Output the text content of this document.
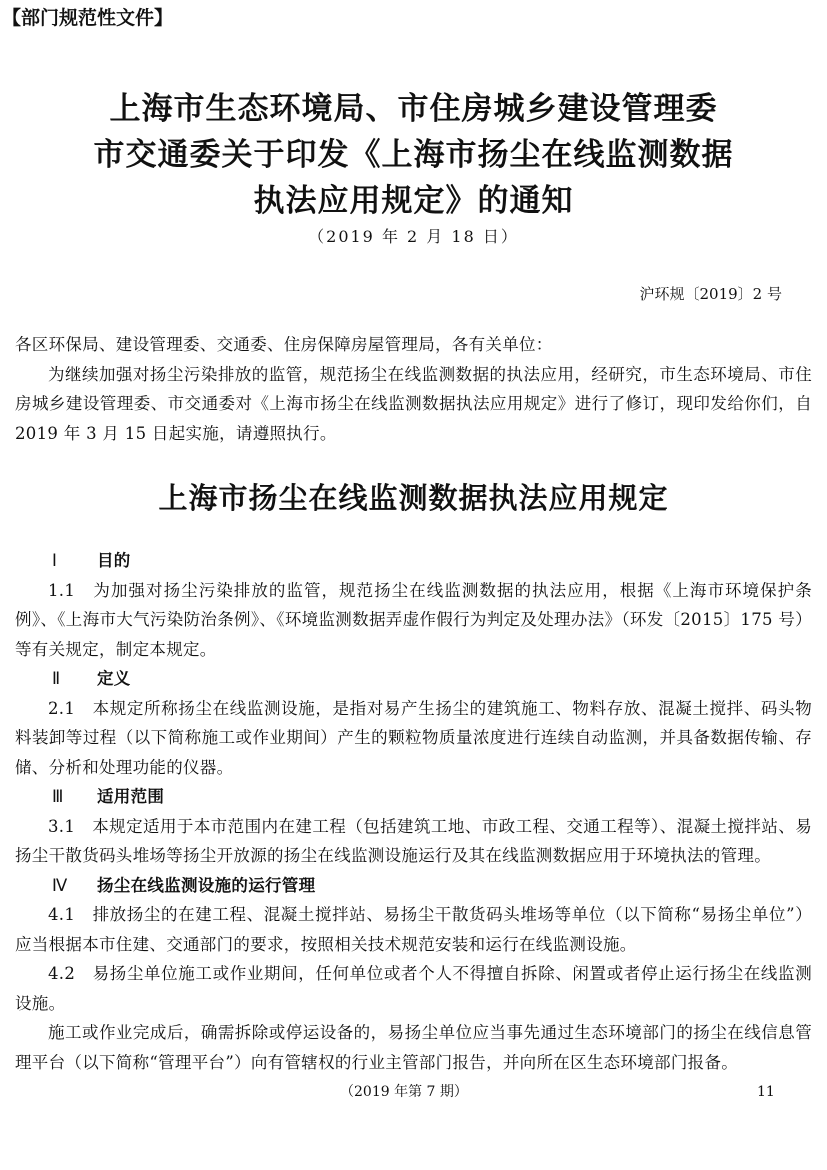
【部门规范性文件】
上海市生态环境局、市住房城乡建设管理委
市交通委关于印发《上海市扬尘在线监测数据
执法应用规定》的通知
（2019 年 2 月 18 日）
沪环规〔2019〕2 号

各区环保局、建设管理委、交通委、住房保障房屋管理局，各有关单位：

为继续加强对扬尘污染排放的监管，规范扬尘在线监测数据的执法应用，经研究，市生态环境局、市住房城乡建设管理委、市交通委对《上海市扬尘在线监测数据执法应用规定》进行了修订，现印发给你们，自 2019 年 3 月 15 日起实施，请遵照执行。

上海市扬尘在线监测数据执法应用规定

Ⅰ 目的

1.1　为加强对扬尘污染排放的监管，规范扬尘在线监测数据的执法应用，根据《上海市环境保护条例》、《上海市大气污染防治条例》、《环境监测数据弄虚作假行为判定及处理办法》（环发〔2015〕175 号）等有关规定，制定本规定。

Ⅱ 定义

2.1　本规定所称扬尘在线监测设施，是指对易产生扬尘的建筑施工、物料存放、混凝土搅拌、码头物料装卸等过程（以下简称施工或作业期间）产生的颗粒物质量浓度进行连续自动监测，并具备数据传输、存储、分析和处理功能的仪器。

Ⅲ 适用范围

3.1　本规定适用于本市范围内在建工程（包括建筑工地、市政工程、交通工程等）、混凝土搅拌站、易扬尘干散货码头堆场等扬尘开放源的扬尘在线监测设施运行及其在线监测数据应用于环境执法的管理。

Ⅳ 扬尘在线监测设施的运行管理

4.1　排放扬尘的在建工程、混凝土搅拌站、易扬尘干散货码头堆场等单位（以下简称“易扬尘单位”）应当根据本市住建、交通部门的要求，按照相关技术规范安装和运行在线监测设施。

4.2　易扬尘单位施工或作业期间，任何单位或者个人不得擅自拆除、闲置或者停止运行扬尘在线监测设施。

施工或作业完成后，确需拆除或停运设备的，易扬尘单位应当事先通过生态环境部门的扬尘在线信息管理平台（以下简称“管理平台”）向有管辖权的行业主管部门报告，并向所在区生态环境部门报备。

（2019 年第 7 期）	11
